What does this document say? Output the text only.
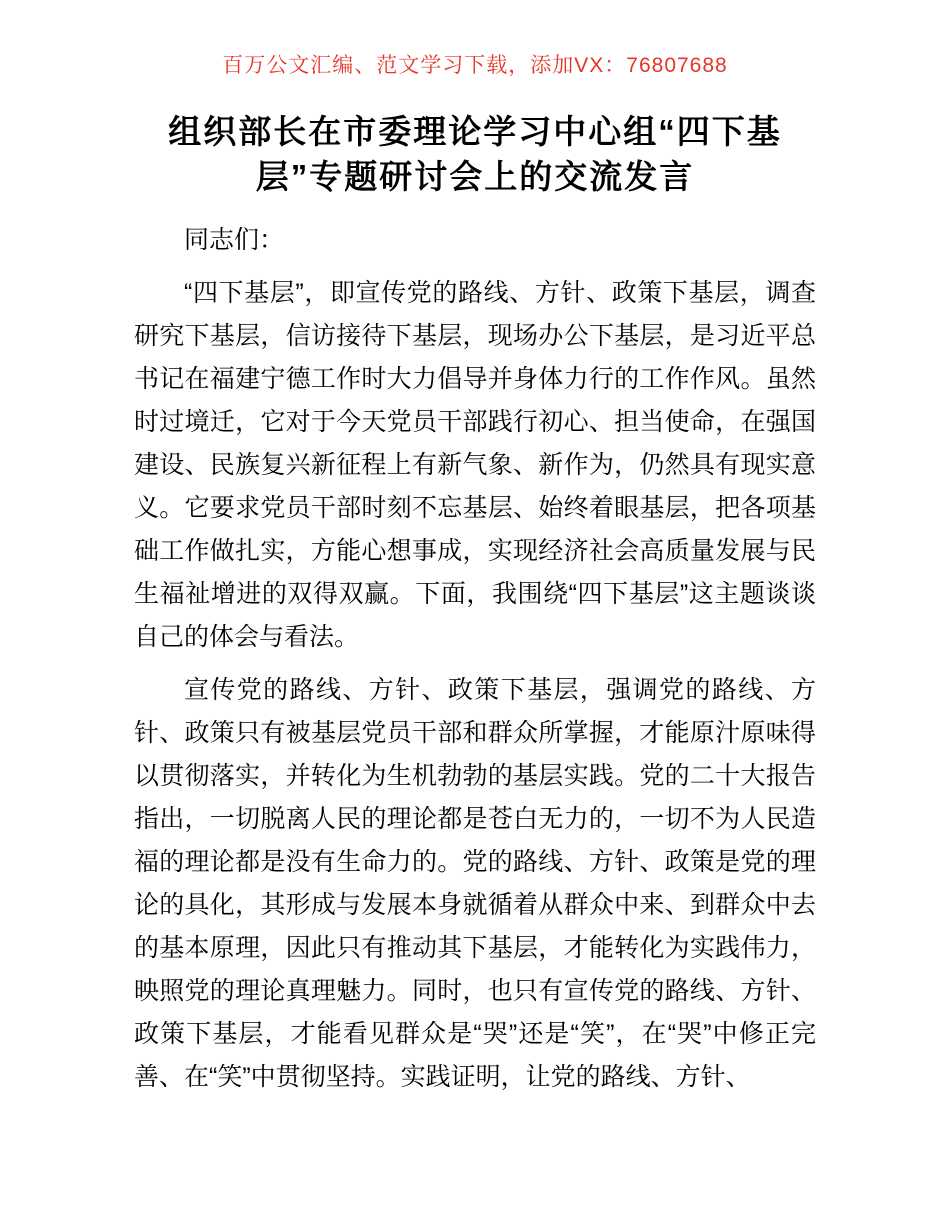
百万公文汇编、范文学习下载，添加VX：76807688
组织部长在市委理论学习中心组“四下基
层”专题研讨会上的交流发言

同志们：

“四下基层”，即宣传党的路线、方针、政策下基层，调查研究下基层，信访接待下基层，现场办公下基层，是习近平总书记在福建宁德工作时大力倡导并身体力行的工作作风。虽然时过境迁，它对于今天党员干部践行初心、担当使命，在强国建设、民族复兴新征程上有新气象、新作为，仍然具有现实意义。它要求党员干部时刻不忘基层、始终着眼基层，把各项基础工作做扎实，方能心想事成，实现经济社会高质量发展与民生福祉增进的双得双赢。下面，我围绕“四下基层”这主题谈谈自己的体会与看法。

宣传党的路线、方针、政策下基层，强调党的路线、方针、政策只有被基层党员干部和群众所掌握，才能原汁原味得以贯彻落实，并转化为生机勃勃的基层实践。党的二十大报告指出，一切脱离人民的理论都是苍白无力的，一切不为人民造福的理论都是没有生命力的。党的路线、方针、政策是党的理论的具化，其形成与发展本身就循着从群众中来、到群众中去的基本原理，因此只有推动其下基层，才能转化为实践伟力，映照党的理论真理魅力。同时，也只有宣传党的路线、方针、政策下基层，才能看见群众是“哭”还是“笑”，在“哭”中修正完善、在“笑”中贯彻坚持。实践证明，让党的路线、方针、
